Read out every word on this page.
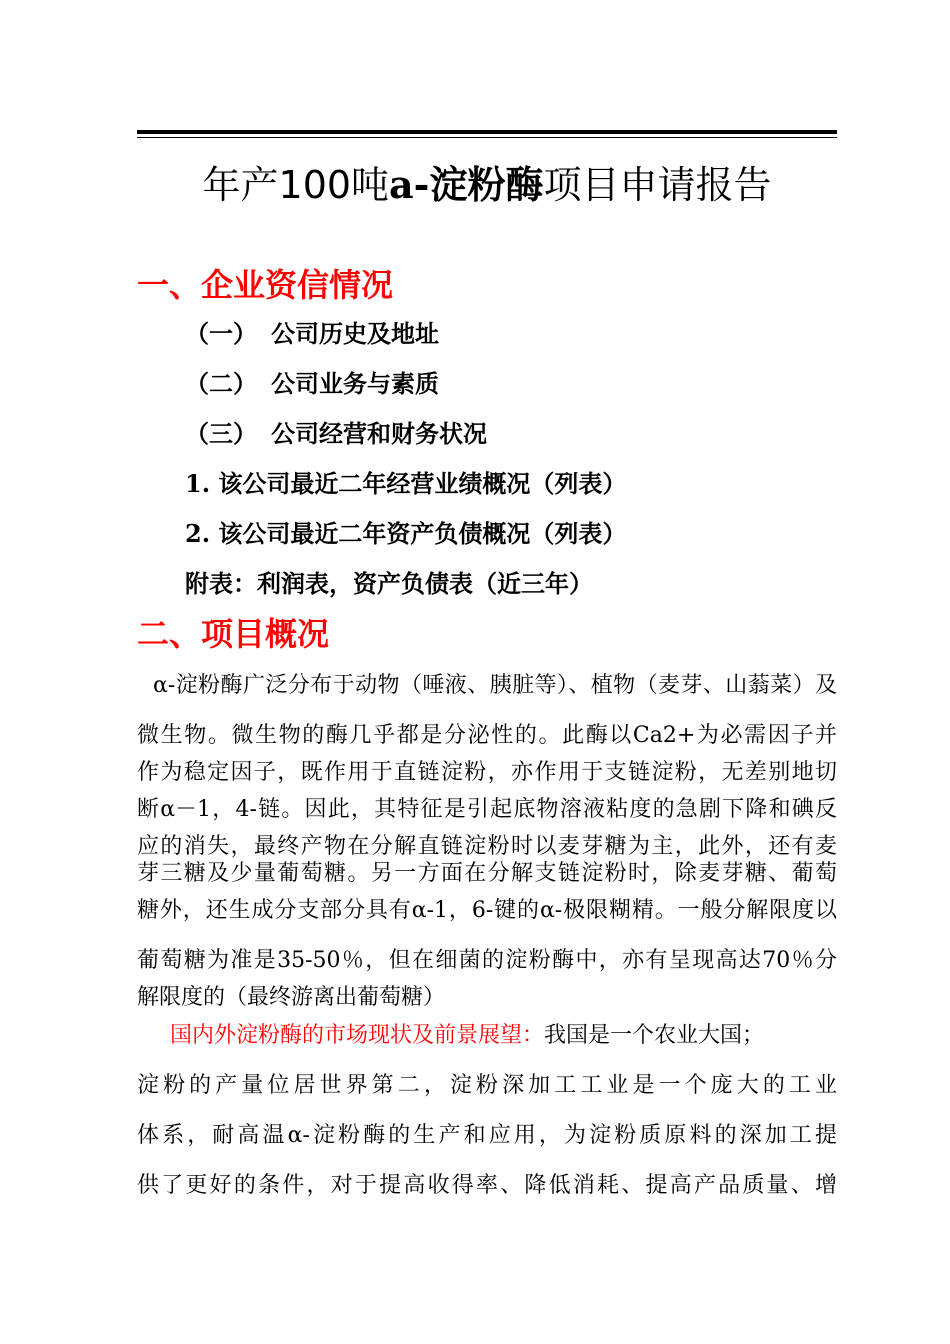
年产100吨a-淀粉酶项目申请报告
一、企业资信情况
（一） 公司历史及地址
（二） 公司业务与素质
（三） 公司经营和财务状况
1. 该公司最近二年经营业绩概况（列表）
2. 该公司最近二年资产负债概况（列表）
附表：利润表，资产负债表（近三年）
二、项目概况
α-淀粉酶广泛分布于动物（唾液、胰脏等）、植物（麦芽、山蓊菜）及
微生物。微生物的酶几乎都是分泌性的。此酶以Ca2+为必需因子并
作为稳定因子，既作用于直链淀粉，亦作用于支链淀粉，无差别地切
断α－1，4-链。因此，其特征是引起底物溶液粘度的急剧下降和碘反
应的消失，最终产物在分解直链淀粉时以麦芽糖为主，此外，还有麦
芽三糖及少量葡萄糖。另一方面在分解支链淀粉时，除麦芽糖、葡萄
糖外，还生成分支部分具有α-1，6-键的α-极限糊精。一般分解限度以
葡萄糖为准是35-50％，但在细菌的淀粉酶中，亦有呈现高达70％分
解限度的（最终游离出葡萄糖）
国内外淀粉酶的市场现状及前景展望：我国是一个农业大国；
淀粉的产量位居世界第二，淀粉深加工工业是一个庞大的工业
体系，耐高温α-淀粉酶的生产和应用，为淀粉质原料的深加工提
供了更好的条件，对于提高收得率、降低消耗、提高产品质量、增
